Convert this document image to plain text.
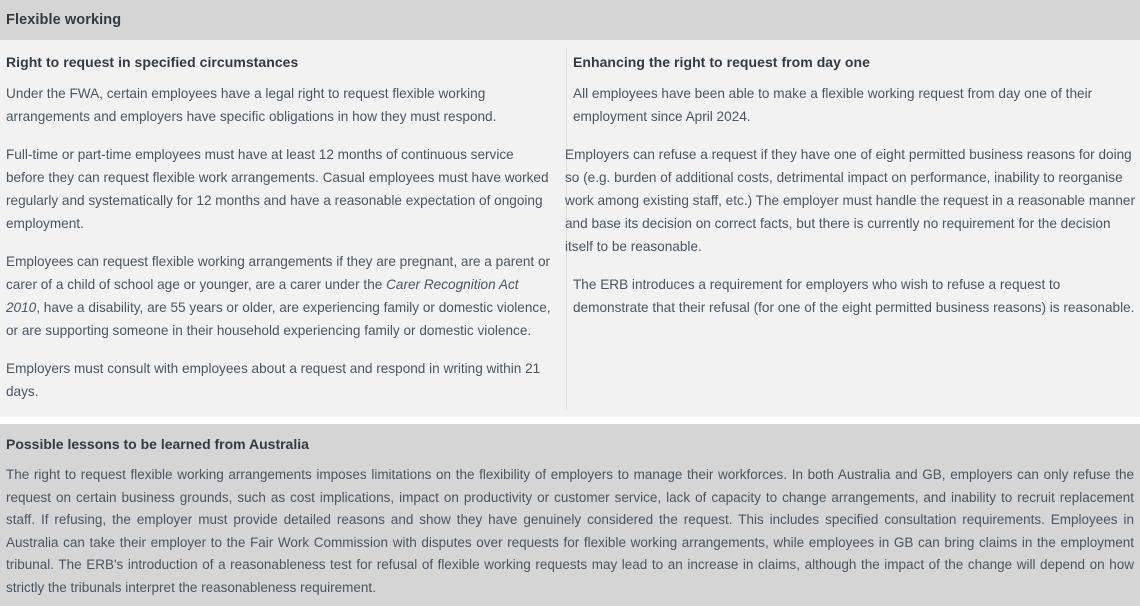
Flexible working
Right to request in specified circumstances

Under the FWA, certain employees have a legal right to request flexible working arrangements and employers have specific obligations in how they must respond.

Full-time or part-time employees must have at least 12 months of continuous service before they can request flexible work arrangements. Casual employees must have worked regularly and systematically for 12 months and have a reasonable expectation of ongoing employment.

Employees can request flexible working arrangements if they are pregnant, are a parent or carer of a child of school age or younger, are a carer under the Carer Recognition Act 2010, have a disability, are 55 years or older, are experiencing family or domestic violence, or are supporting someone in their household experiencing family or domestic violence.

Employers must consult with employees about a request and respond in writing within 21 days.

Enhancing the right to request from day one

All employees have been able to make a flexible working request from day one of their employment since April 2024.

Employers can refuse a request if they have one of eight permitted business reasons for doing so (e.g. burden of additional costs, detrimental impact on performance, inability to reorganise work among existing staff, etc.) The employer must handle the request in a reasonable manner and base its decision on correct facts, but there is currently no requirement for the decision itself to be reasonable.

The ERB introduces a requirement for employers who wish to refuse a request to demonstrate that their refusal (for one of the eight permitted business reasons) is reasonable.

Possible lessons to be learned from Australia

The right to request flexible working arrangements imposes limitations on the flexibility of employers to manage their workforces. In both Australia and GB, employers can only refuse the request on certain business grounds, such as cost implications, impact on productivity or customer service, lack of capacity to change arrangements, and inability to recruit replacement staff. If refusing, the employer must provide detailed reasons and show they have genuinely considered the request. This includes specified consultation requirements. Employees in Australia can take their employer to the Fair Work Commission with disputes over requests for flexible working arrangements, while employees in GB can bring claims in the employment tribunal. The ERB's introduction of a reasonableness test for refusal of flexible working requests may lead to an increase in claims, although the impact of the change will depend on how strictly the tribunals interpret the reasonableness requirement.
